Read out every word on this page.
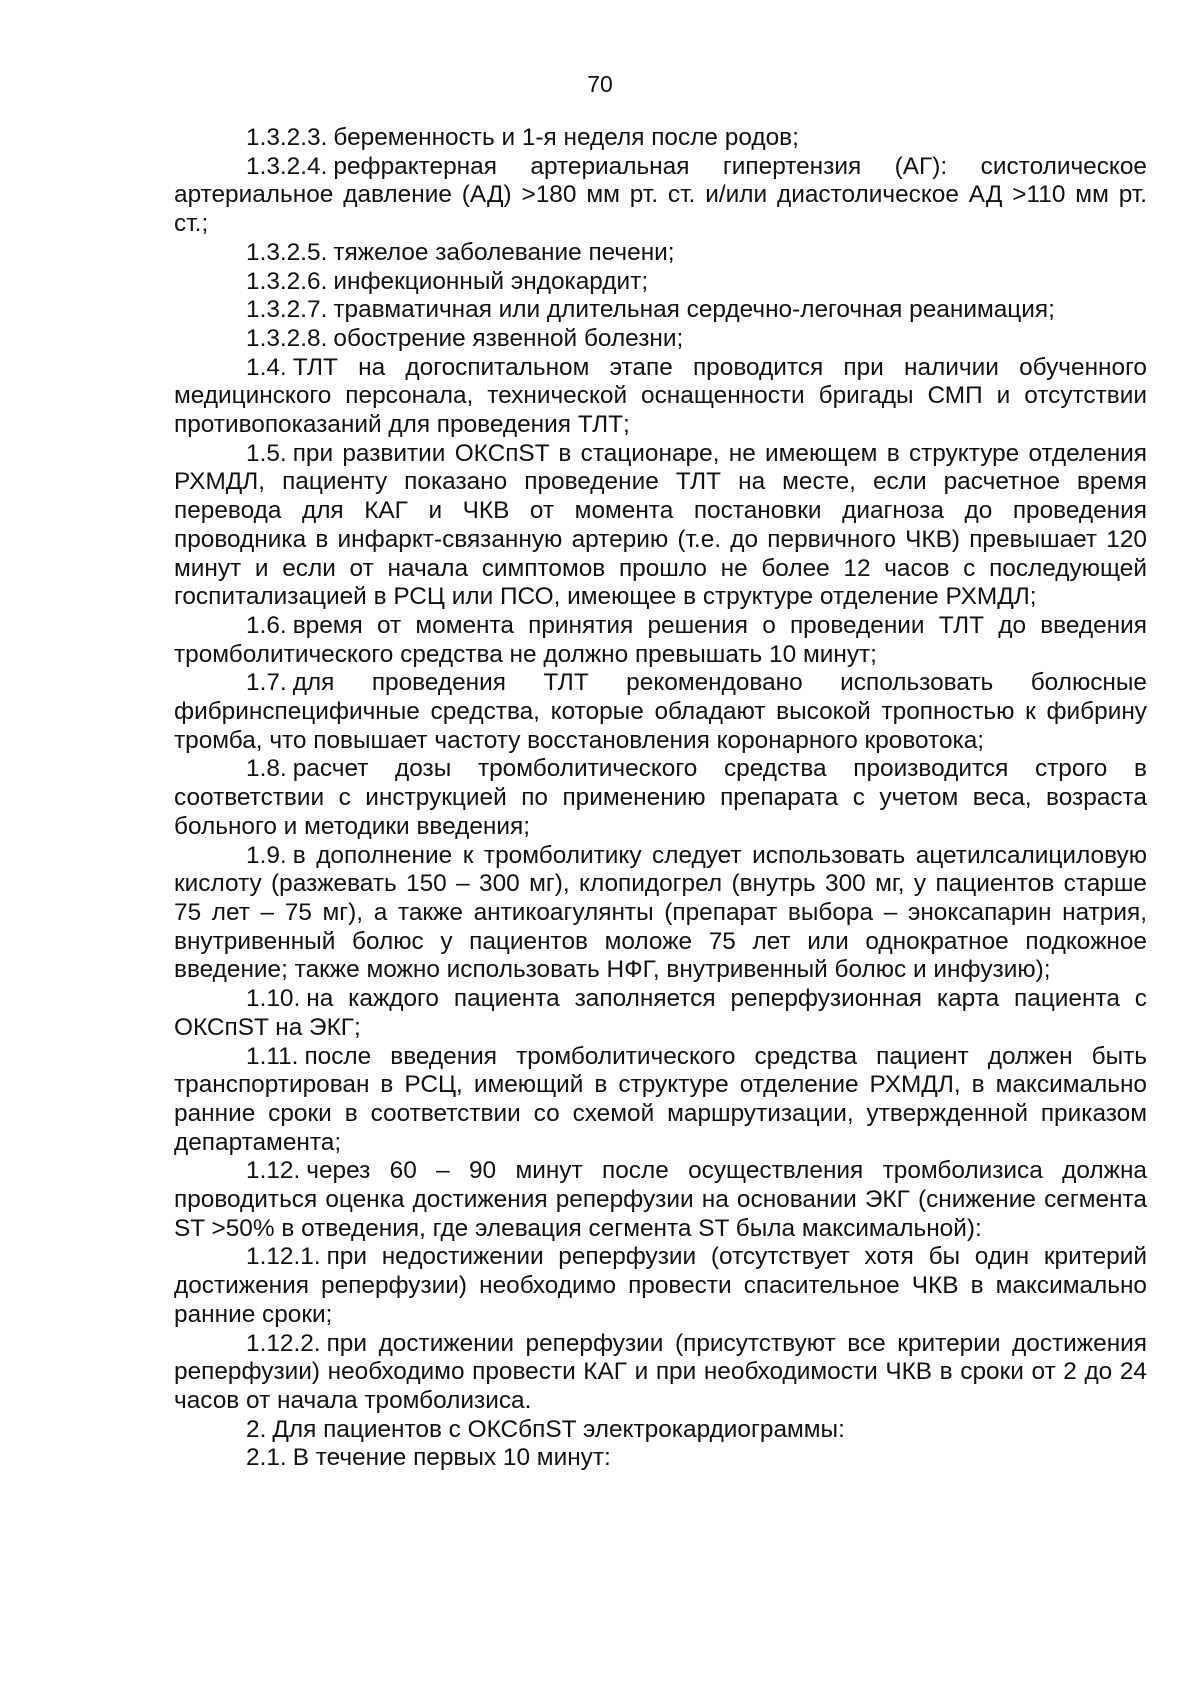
70

1.3.2.3. беременность и 1-я неделя после родов;

1.3.2.4. рефрактерная артериальная гипертензия (АГ): систолическое артериальное давление (АД) >180 мм рт. ст. и/или диастолическое АД >110 мм рт. ст.;

1.3.2.5. тяжелое заболевание печени;

1.3.2.6. инфекционный эндокардит;

1.3.2.7. травматичная или длительная сердечно-легочная реанимация;

1.3.2.8. обострение язвенной болезни;

1.4. ТЛТ на догоспитальном этапе проводится при наличии обученного медицинского персонала, технической оснащенности бригады СМП и отсутствии противопоказаний для проведения ТЛТ;

1.5. при развитии ОКСпST в стационаре, не имеющем в структуре отделения РХМДЛ, пациенту показано проведение ТЛТ на месте, если расчетное время перевода для КАГ и ЧКВ от момента постановки диагноза до проведения проводника в инфаркт-связанную артерию (т.е. до первичного ЧКВ) превышает 120 минут и если от начала симптомов прошло не более 12 часов с последующей госпитализацией в РСЦ или ПСО, имеющее в структуре отделение РХМДЛ;

1.6. время от момента принятия решения о проведении ТЛТ до введения тромболитического средства не должно превышать 10 минут;

1.7. для проведения ТЛТ рекомендовано использовать болюсные фибринспецифичные средства, которые обладают высокой тропностью к фибрину тромба, что повышает частоту восстановления коронарного кровотока;

1.8. расчет дозы тромболитического средства производится строго в соответствии с инструкцией по применению препарата с учетом веса, возраста больного и методики введения;

1.9. в дополнение к тромболитику следует использовать ацетилсалициловую кислоту (разжевать 150 – 300 мг), клопидогрел (внутрь 300 мг, у пациентов старше 75 лет – 75 мг), а также антикоагулянты (препарат выбора – эноксапарин натрия, внутривенный болюс у пациентов моложе 75 лет или однократное подкожное введение; также можно использовать НФГ, внутривенный болюс и инфузию);

1.10. на каждого пациента заполняется реперфузионная карта пациента с ОКСпST на ЭКГ;

1.11. после введения тромболитического средства пациент должен быть транспортирован в РСЦ, имеющий в структуре отделение РХМДЛ, в максимально ранние сроки в соответствии со схемой маршрутизации, утвержденной приказом департамента;

1.12. через 60 – 90 минут после осуществления тромболизиса должна проводиться оценка достижения реперфузии на основании ЭКГ (снижение сегмента ST >50% в отведения, где элевация сегмента ST была максимальной):

1.12.1. при недостижении реперфузии (отсутствует хотя бы один критерий достижения реперфузии) необходимо провести спасительное ЧКВ в максимально ранние сроки;

1.12.2. при достижении реперфузии (присутствуют все критерии достижения реперфузии) необходимо провести КАГ и при необходимости ЧКВ в сроки от 2 до 24 часов от начала тромболизиса.

2. Для пациентов с ОКСбпST электрокардиограммы:

2.1. В течение первых 10 минут:
